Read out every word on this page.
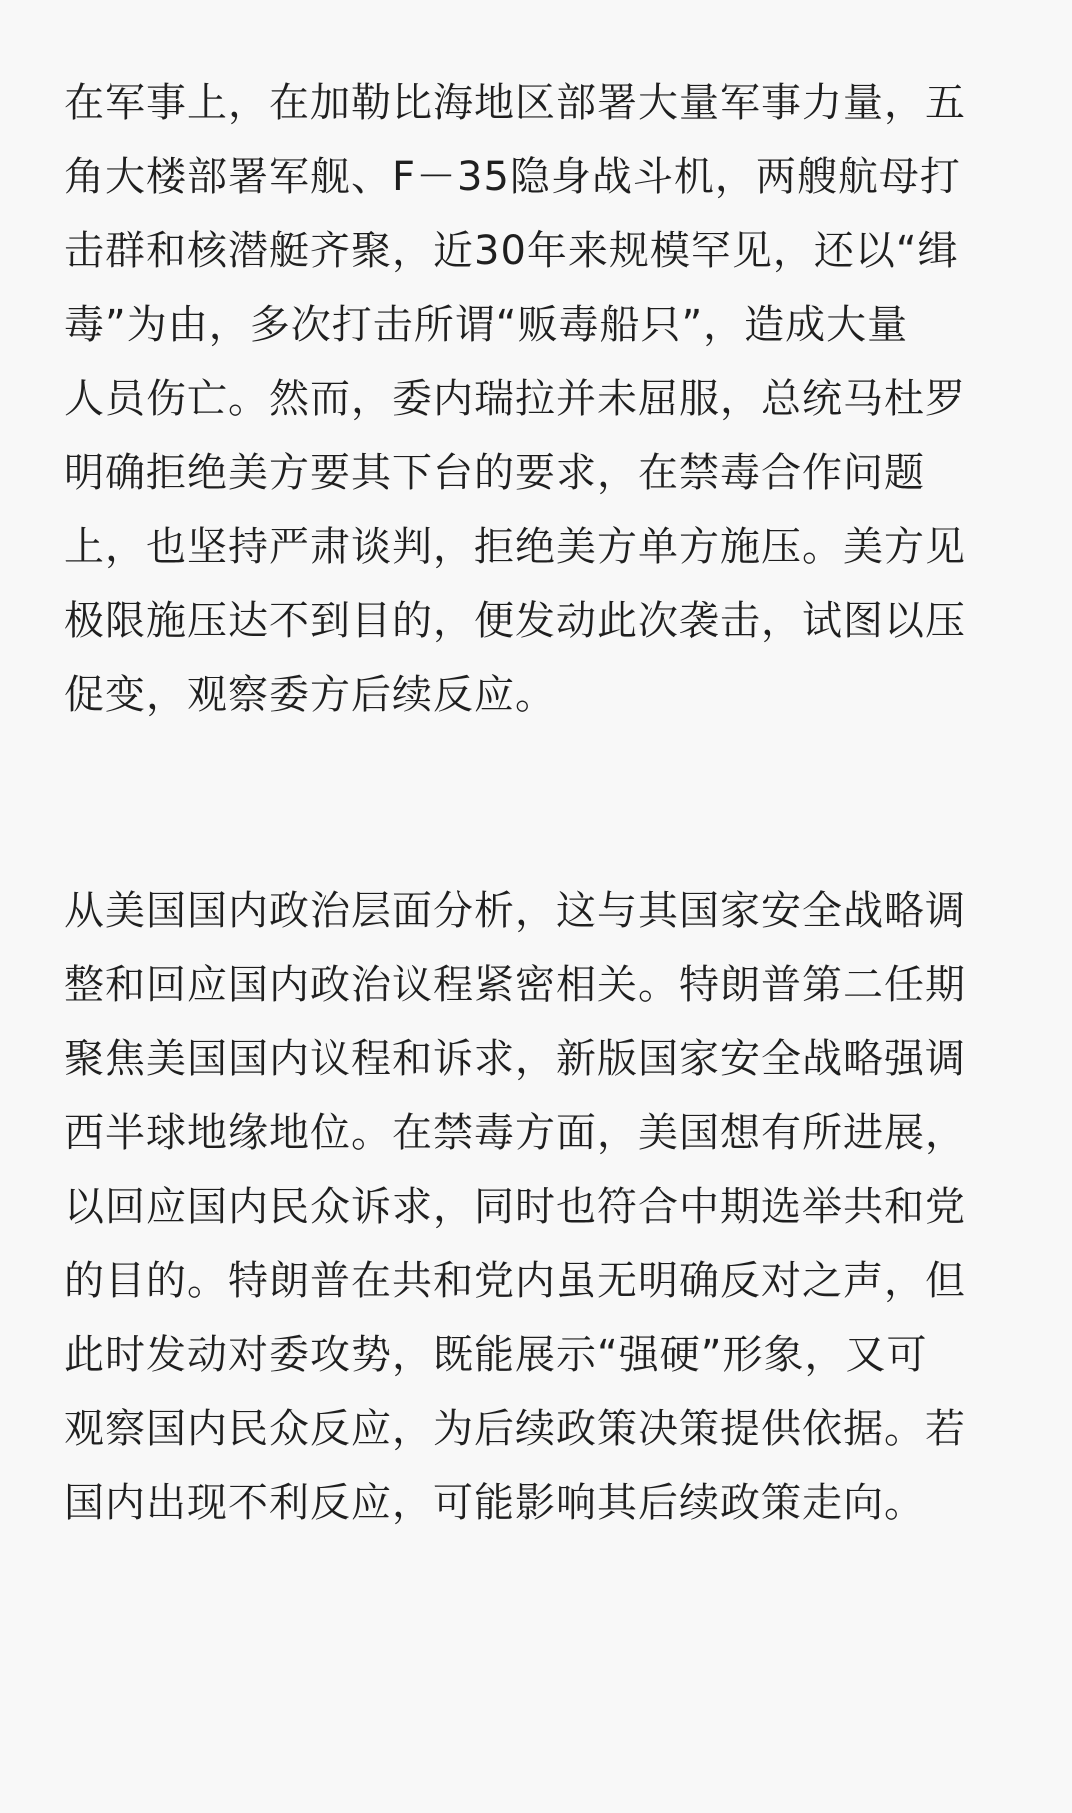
在军事上，在加勒比海地区部署大量军事力量，五
角大楼部署军舰、F－35隐身战斗机，两艘航母打
击群和核潜艇齐聚，近30年来规模罕见，还以“缉
毒”为由，多次打击所谓“贩毒船只”，造成大量
人员伤亡。然而，委内瑞拉并未屈服，总统马杜罗
明确拒绝美方要其下台的要求，在禁毒合作问题
上，也坚持严肃谈判，拒绝美方单方施压。美方见
极限施压达不到目的，便发动此次袭击，试图以压
促变，观察委方后续反应。
从美国国内政治层面分析，这与其国家安全战略调
整和回应国内政治议程紧密相关。特朗普第二任期
聚焦美国国内议程和诉求，新版国家安全战略强调
西半球地缘地位。在禁毒方面，美国想有所进展，
以回应国内民众诉求，同时也符合中期选举共和党
的目的。特朗普在共和党内虽无明确反对之声，但
此时发动对委攻势，既能展示“强硬”形象，又可
观察国内民众反应，为后续政策决策提供依据。若
国内出现不利反应，可能影响其后续政策走向。
